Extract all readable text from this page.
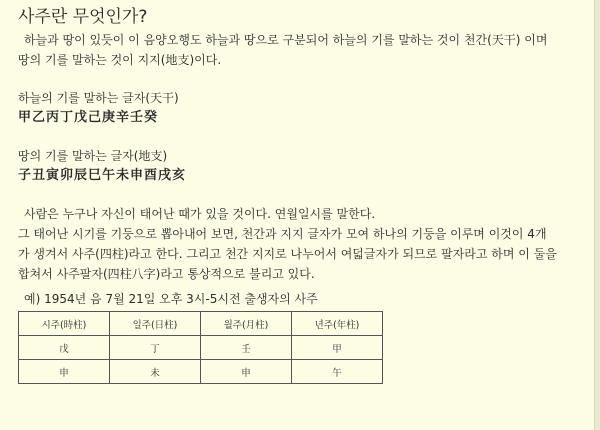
사주란 무엇인가?
하늘과 땅이 있듯이 이 음양오행도 하늘과 땅으로 구분되어 하늘의 기를 말하는 것이 천간(天干) 이며
땅의 기를 말하는 것이 지지(地支)이다.
하늘의 기를 말하는 글자(天干)
甲乙丙丁戊己庚辛壬癸
땅의 기를 말하는 글자(地支)
子丑寅卯辰巳午未申酉戌亥
사람은 누구나 자신이 태어난 때가 있을 것이다. 연월일시를 말한다.
그 태어난 시기를 기둥으로 뽑아내어 보면, 천간과 지지 글자가 모여 하나의 기둥을 이루며 이것이 4개
가 생겨서 사주(四柱)라고 한다. 그리고 천간 지지로 나누어서 여덟글자가 되므로 팔자라고 하며 이 둘을
합쳐서 사주팔자(四柱八字)라고 통상적으로 불리고 있다.
예) 1954년 음 7월 21일 오후 3시-5시전 출생자의 사주
시주(時柱)	일주(日柱)	월주(月柱)	년주(年柱)
戊	丁	壬	甲
申	未	申	午
